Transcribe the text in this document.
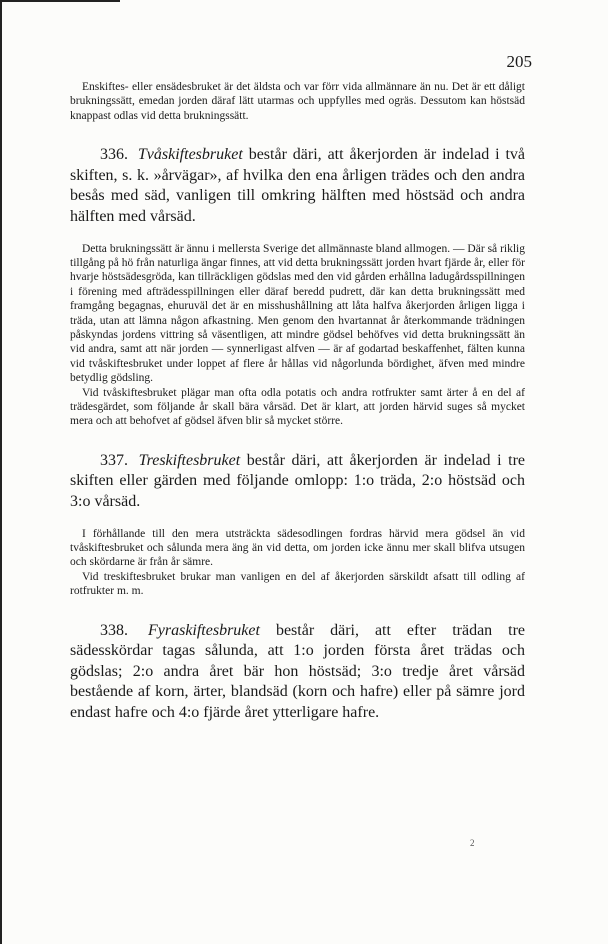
205

Enskiftes- eller ensädesbruket är det äldsta och var förr vida allmännare än nu. Det är ett dåligt brukningssätt, emedan jorden däraf lätt utarmas och uppfylles med ogräs. Dessutom kan höstsäd knappast odlas vid detta brukningssätt.

336. Tvåskiftesbruket består däri, att åkerjorden är indelad i två skiften, s. k. »årvägar», af hvilka den ena årligen trädes och den andra besås med säd, vanligen till omkring hälften med höstsäd och andra hälften med vårsäd.

Detta brukningssätt är ännu i mellersta Sverige det allmännaste bland allmogen. — Där så riklig tillgång på hö från naturliga ängar finnes, att vid detta brukningssätt jorden hvart fjärde år, eller för hvarje höstsädesgröda, kan tillräckligen gödslas med den vid gården erhållna ladugårdsspillningen i förening med afträdesspillningen eller däraf beredd pudrett, där kan detta brukningssätt med framgång begagnas, ehuruväl det är en misshushållning att låta halfva åkerjorden årligen ligga i träda, utan att lämna någon afkastning. Men genom den hvartannat år återkommande trädningen påskyndas jordens vittring så väsentligen, att mindre gödsel behöfves vid detta brukningssätt än vid andra, samt att när jorden — synnerligast alfven — är af godartad beskaffenhet, fälten kunna vid tvåskiftesbruket under loppet af flere år hållas vid någorlunda bördighet, äfven med mindre betydlig gödsling.

Vid tvåskiftesbruket plägar man ofta odla potatis och andra rotfrukter samt ärter å en del af trädesgärdet, som följande år skall bära vårsäd. Det är klart, att jorden härvid suges så mycket mera och att behofvet af gödsel äfven blir så mycket större.

337. Treskiftesbruket består däri, att åkerjorden är indelad i tre skiften eller gärden med följande omlopp: 1:o träda, 2:o höstsäd och 3:o vårsäd.

I förhållande till den mera utsträckta sädesodlingen fordras härvid mera gödsel än vid tvåskiftesbruket och sålunda mera äng än vid detta, om jorden icke ännu mer skall blifva utsugen och skördarne är från år sämre.

Vid treskiftesbruket brukar man vanligen en del af åkerjorden särskildt afsatt till odling af rotfrukter m. m.

338. Fyraskiftesbruket består däri, att efter trädan tre sädesskördar tagas sålunda, att 1:o jorden första året trädas och gödslas; 2:o andra året bär hon höstsäd; 3:o tredje året vårsäd bestående af korn, ärter, blandsäd (korn och hafre) eller på sämre jord endast hafre och 4:o fjärde året ytterligare hafre.

2
